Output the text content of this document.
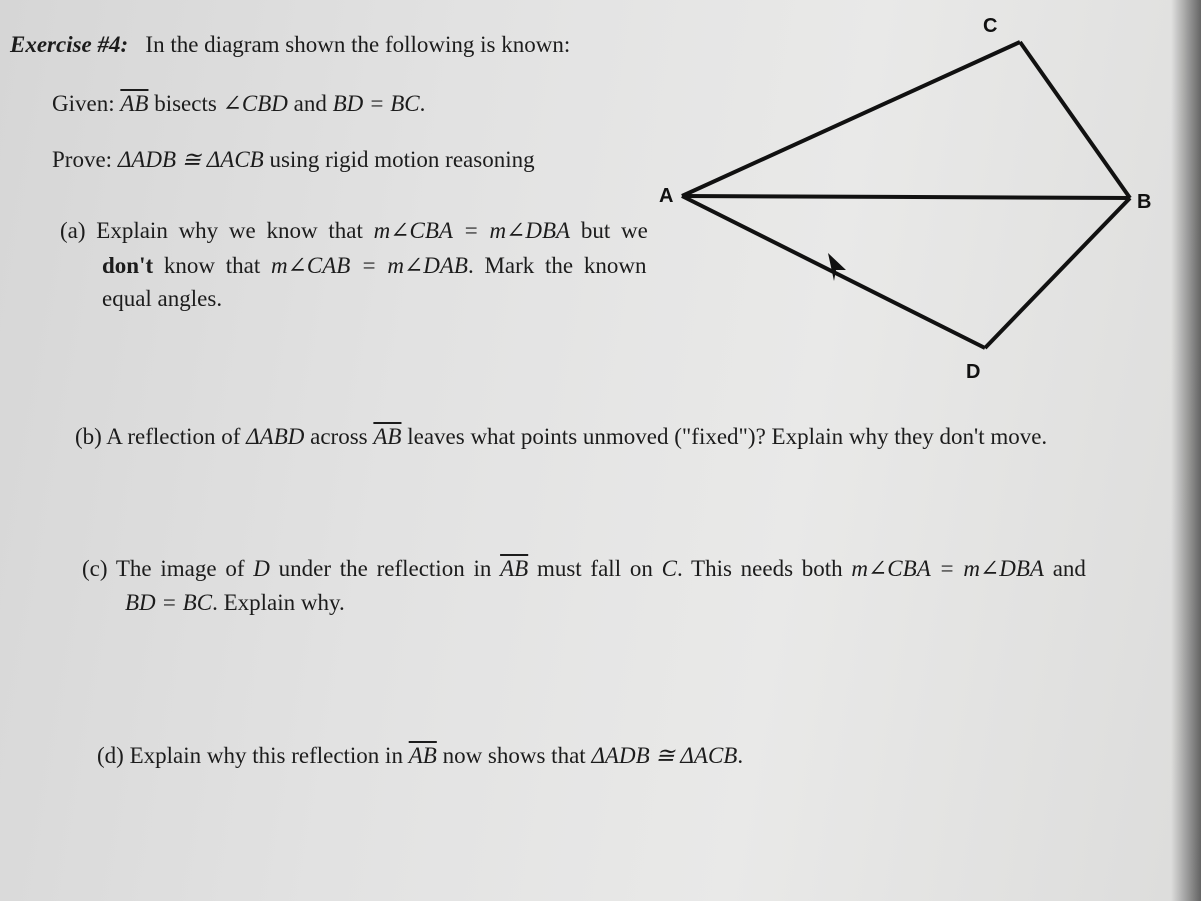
C
A	B
D
Exercise #4: In the diagram shown the following is known:
Given: $\overline{AB}$ bisects ∠CBD and BD = BC.
Prove: ΔADB ≅ ΔACB using rigid motion reasoning
(a) Explain why we know that m∠CBA = m∠DBA but we
don't know that m∠CAB = m∠DAB. Mark the known
equal angles.
(b) A reflection of ΔABD across $\overline{AB}$ leaves what points unmoved ("fixed")? Explain why they don't move.
(c) The image of D under the reflection in $\overline{AB}$ must fall on C. This needs both m∠CBA = m∠DBA and
BD = BC. Explain why.
(d) Explain why this reflection in $\overline{AB}$ now shows that ΔADB ≅ ΔACB.
